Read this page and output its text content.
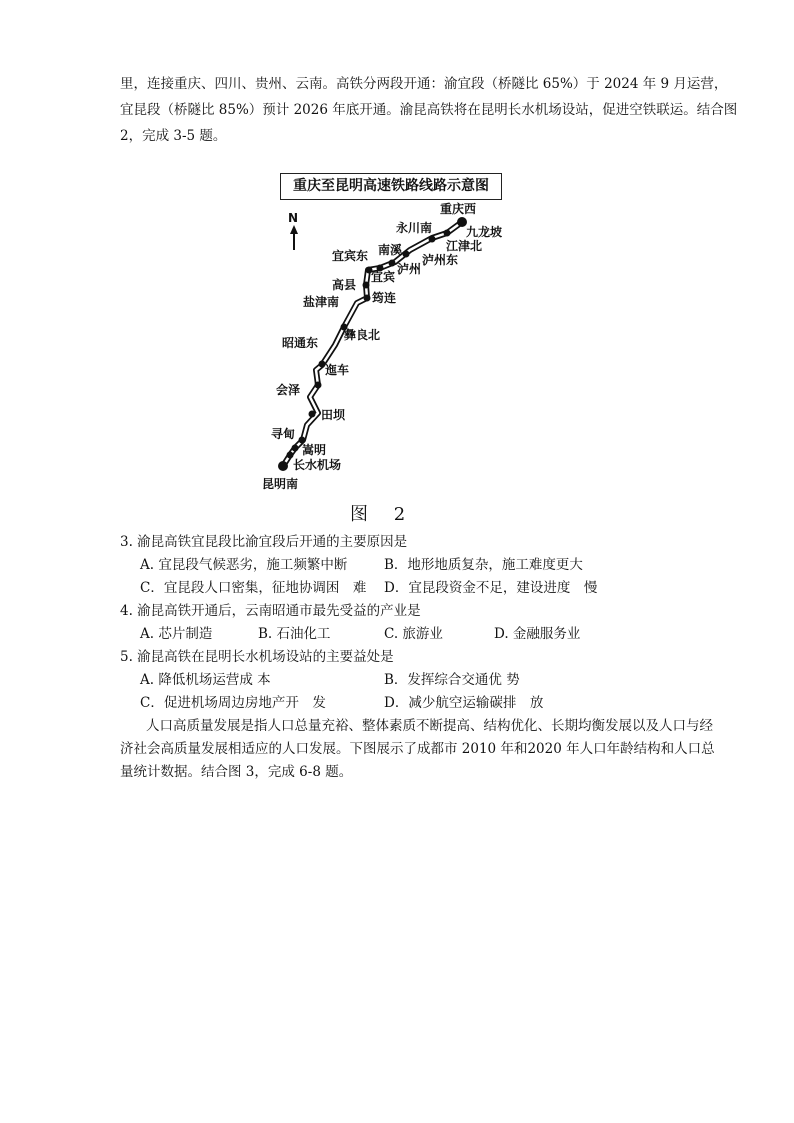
里，连接重庆、四川、贵州、云南。高铁分两段开通：渝宜段（桥隧比 65%）于 2024 年 9 月运营，
宜昆段（桥隧比 85%）预计 2026 年底开通。渝昆高铁将在昆明长水机场设站，促进空铁联运。结合图
2，完成 3-5 题。
重庆至昆明高速铁路线路示意图
N
重庆西
九龙坡
江津北
永川南
泸州东
泸州
南溪
宜宾东
宜宾
高县
筠连
盐津南
彝良北
昭通东
迤车
会泽
田坝
寻甸
嵩明
长水机场
昆明南
图 2
3. 渝昆高铁宜昆段比渝宜段后开通的主要原因是
A. 宜昆段气候恶劣，施工频繁中断	B．地形地质复杂，施工难度更大
C．宜昆段人口密集，征地协调困　难 D．宜昆段资金不足，建设进度　慢
4. 渝昆高铁开通后，云南昭通市最先受益的产业是
A. 芯片制造	B. 石油化工	C. 旅游业	D. 金融服务业
5. 渝昆高铁在昆明长水机场设站的主要益处是
A. 降低机场运营成 本	B．发挥综合交通优 势
C．促进机场周边房地产开　发	D．减少航空运输碳排　放
人口高质量发展是指人口总量充裕、整体素质不断提高、结构优化、长期均衡发展以及人口与经
济社会高质量发展相适应的人口发展。下图展示了成都市 2010 年和2020 年人口年龄结构和人口总
量统计数据。结合图 3，完成 6-8 题。
